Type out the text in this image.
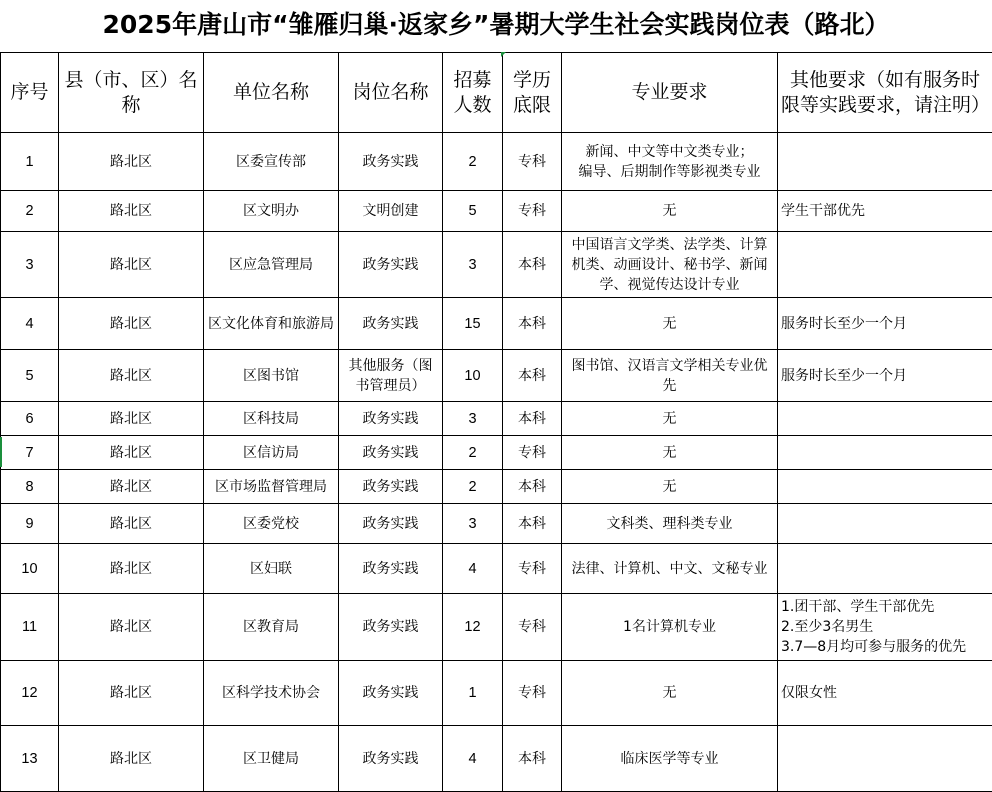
2025年唐山市“雏雁归巢·返家乡”暑期大学生社会实践岗位表（路北）
序号	县（市、区）名称	单位名称	岗位名称	招募人数	学历底限	专业要求	其他要求（如有服务时限等实践要求，请注明）
1	路北区	区委宣传部	政务实践	2	专科	新闻、中文等中文类专业；
编导、后期制作等影视类专业	

2	路北区	区文明办	文明创建	5	专科	无	学生干部优先

3	路北区	区应急管理局	政务实践	3	本科	中国语言文学类、法学类、计算机类、动画设计、秘书学、新闻学、视觉传达设计专业	

4	路北区	区文化体育和旅游局	政务实践	15	本科	无	服务时长至少一个月

5	路北区	区图书馆	其他服务（图书管理员）	10	本科	图书馆、汉语言文学相关专业优先	服务时长至少一个月

6	路北区	区科技局	政务实践	3	本科	无	

7	路北区	区信访局	政务实践	2	专科	无	

8	路北区	区市场监督管理局	政务实践	2	本科	无	

9	路北区	区委党校	政务实践	3	本科	文科类、理科类专业	

10	路北区	区妇联	政务实践	4	专科	法律、计算机、中文、文秘专业	

11	路北区	区教育局	政务实践	12	专科	1名计算机专业	1.团干部、学生干部优先
2.至少3名男生
3.7—8月均可参与服务的优先

12	路北区	区科学技术协会	政务实践	1	专科	无	仅限女性

13	路北区	区卫健局	政务实践	4	本科	临床医学等专业	
